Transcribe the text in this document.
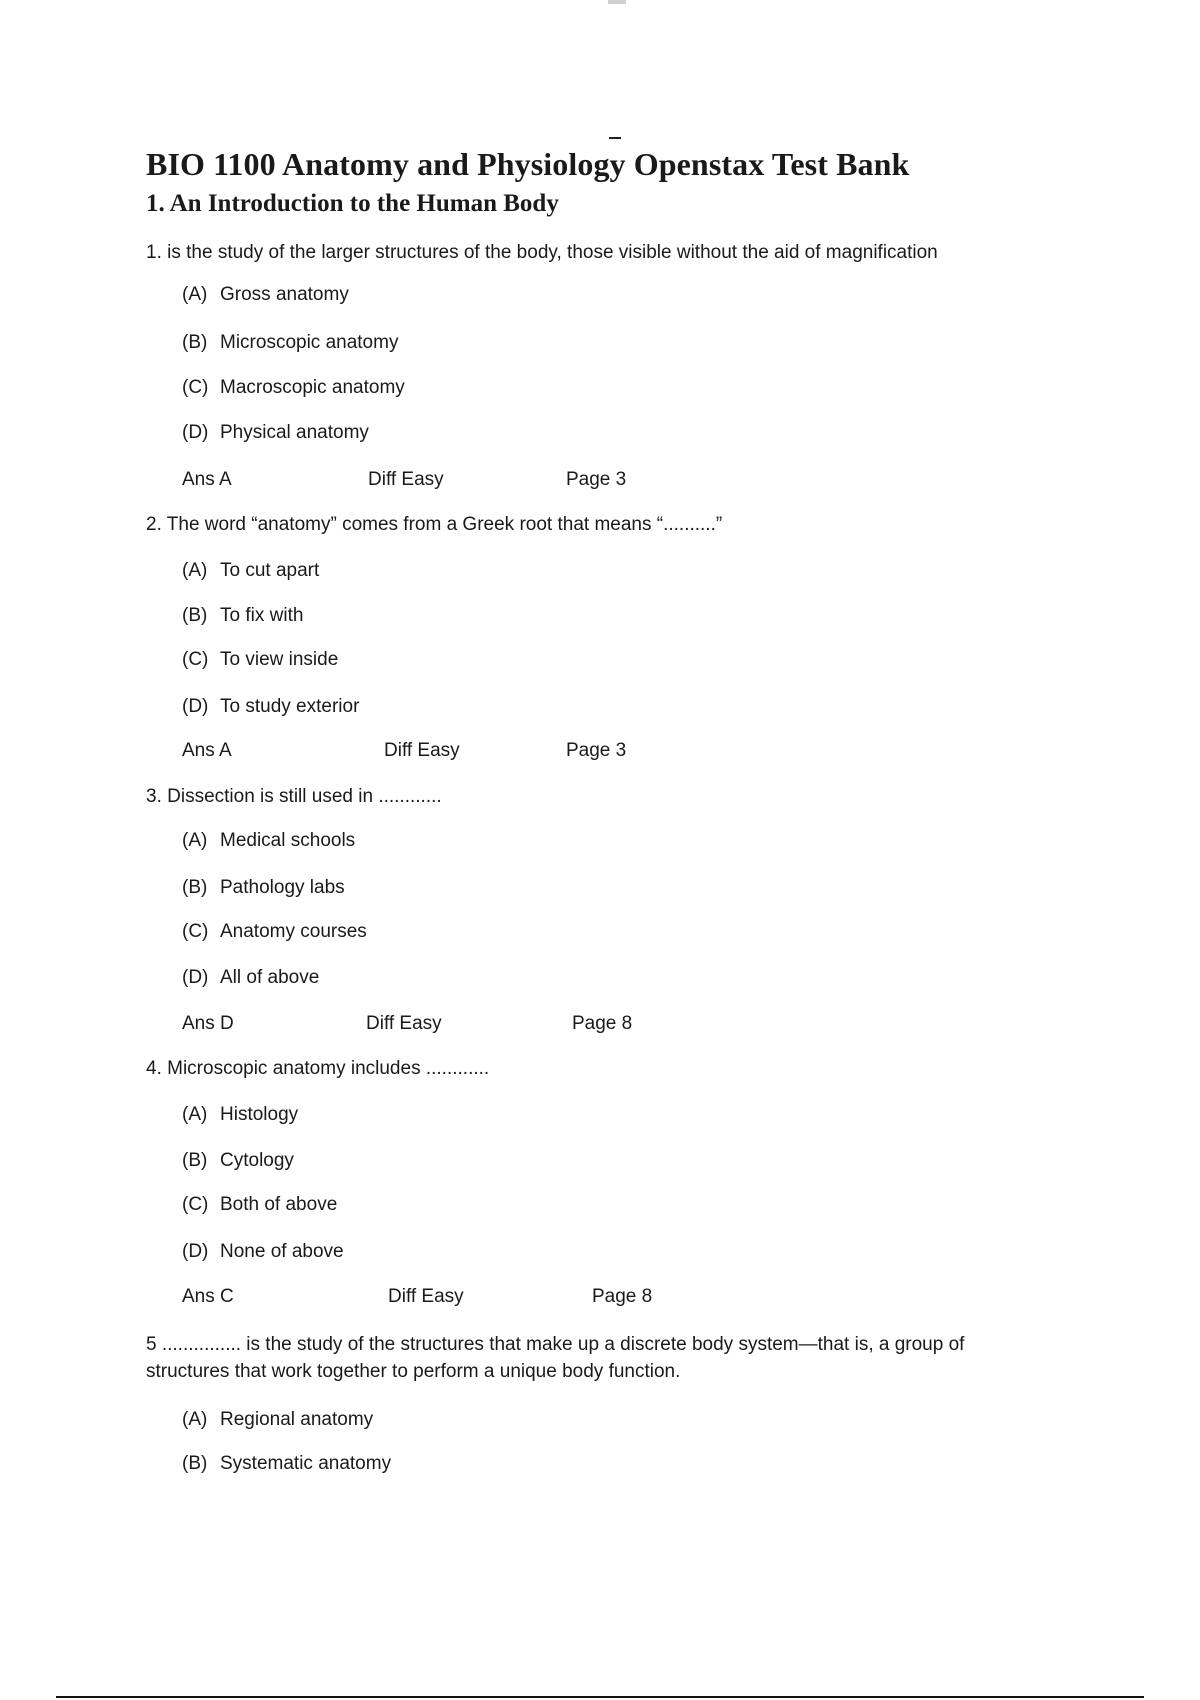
BIO 1100 Anatomy and Physiology Openstax Test Bank
1. An Introduction to the Human Body
1. is the study of the larger structures of the body, those visible without the aid of magnification
(A) Gross anatomy
(B) Microscopic anatomy
(C) Macroscopic anatomy
(D) Physical anatomy
Ans A	Diff Easy	Page 3
2. The word “anatomy” comes from a Greek root that means “..........”
(A) To cut apart
(B) To fix with
(C) To view inside
(D) To study exterior
Ans A	Diff Easy	Page 3
3. Dissection is still used in ............
(A) Medical schools
(B) Pathology labs
(C) Anatomy courses
(D) All of above
Ans D	Diff Easy	Page 8
4. Microscopic anatomy includes ............
(A) Histology
(B) Cytology
(C) Both of above
(D) None of above
Ans C	Diff Easy	Page 8
5 ............... is the study of the structures that make up a discrete body system—that is, a group of structures that work together to perform a unique body function.
(A) Regional anatomy
(B) Systematic anatomy
